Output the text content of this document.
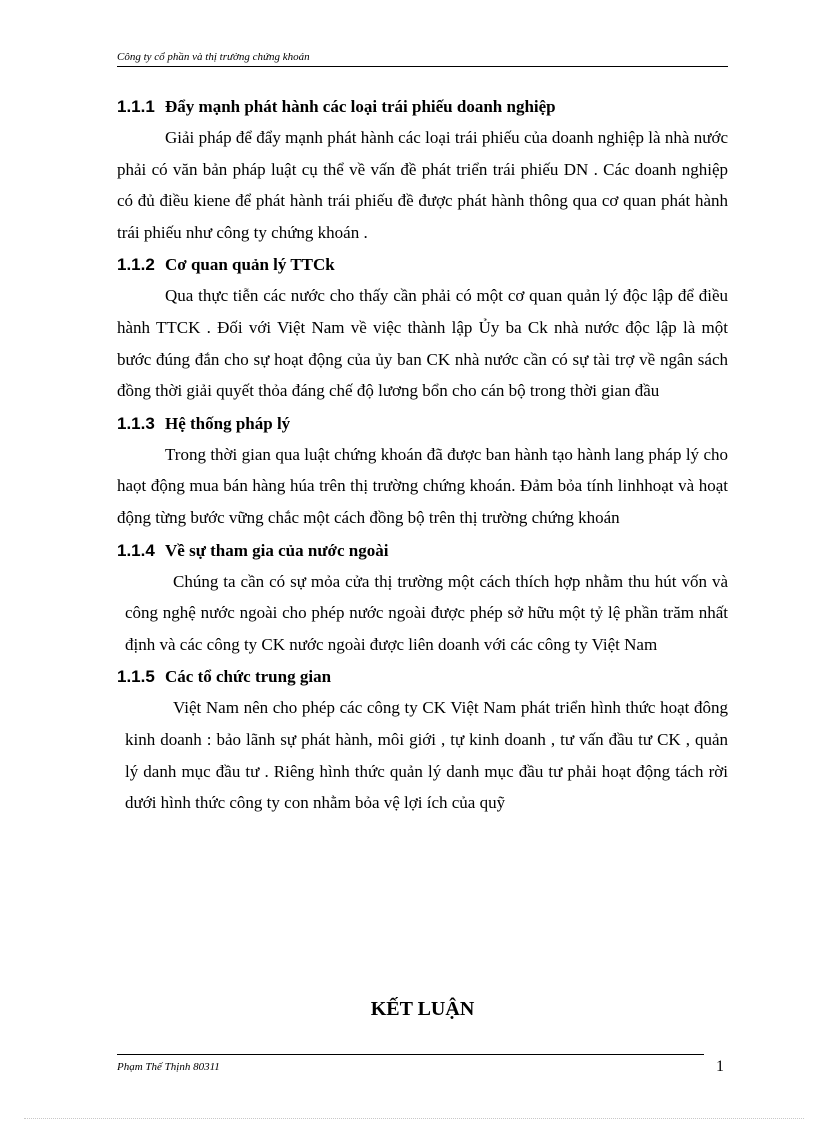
Công ty cổ phần và thị trường chứng khoán
1.1.1 Đẩy mạnh phát hành các loại trái phiếu doanh nghiệp

Giải pháp để đẩy mạnh phát hành các loại trái phiếu của doanh nghiệp là nhà nước phải có văn bản pháp luật cụ thể về vấn đề phát triển trái phiếu DN . Các doanh nghiệp có đủ điều kiene để phát hành trái phiếu đề được phát hành thông qua cơ quan phát hành trái phiếu như công ty chứng khoán .

1.1.2 Cơ quan quản lý TTCk

Qua thực tiễn các nước cho thấy cần phải có một cơ quan quản lý độc lập để điều hành TTCK . Đối với Việt Nam về việc thành lập Ủy ba Ck nhà nước độc lập là một bước đúng đắn cho sự hoạt động của ủy ban CK nhà nước cần có sự tài trợ về ngân sách đồng thời giải quyết thỏa đáng chế độ lương bổn cho cán bộ trong thời gian đầu

1.1.3 Hệ thống pháp lý

Trong thời gian qua luật chứng khoán đã được ban hành tạo hành lang pháp lý cho haọt động mua bán hàng húa trên thị trường chứng khoán. Đảm bỏa tính linhhoạt và hoạt động từng bước vững chắc một cách đồng bộ trên thị trường chứng khoán

1.1.4 Về sự tham gia của nước ngoài

Chúng ta cần có sự mỏa cửa thị trường một cách thích hợp nhằm thu hút vốn và công nghệ nước ngoài cho phép nước ngoài được phép sở hữu một tỷ lệ phần trăm nhất định và các công ty CK nước ngoài được liên doanh với các công ty Việt Nam

1.1.5 Các tổ chức trung gian

Việt Nam nên cho phép các công ty CK Việt Nam phát triển hình thức hoạt đông kinh doanh : bảo lãnh sự phát hành, môi giới , tự kinh doanh , tư vấn đầu tư CK , quản lý danh mục đầu tư . Riêng hình thức quản lý danh mục đầu tư phải hoạt động tách rời dưới hình thức công ty con nhằm bỏa vệ lợi ích của quỹ

KẾT LUẬN
Phạm Thế Thịnh 80311	1
